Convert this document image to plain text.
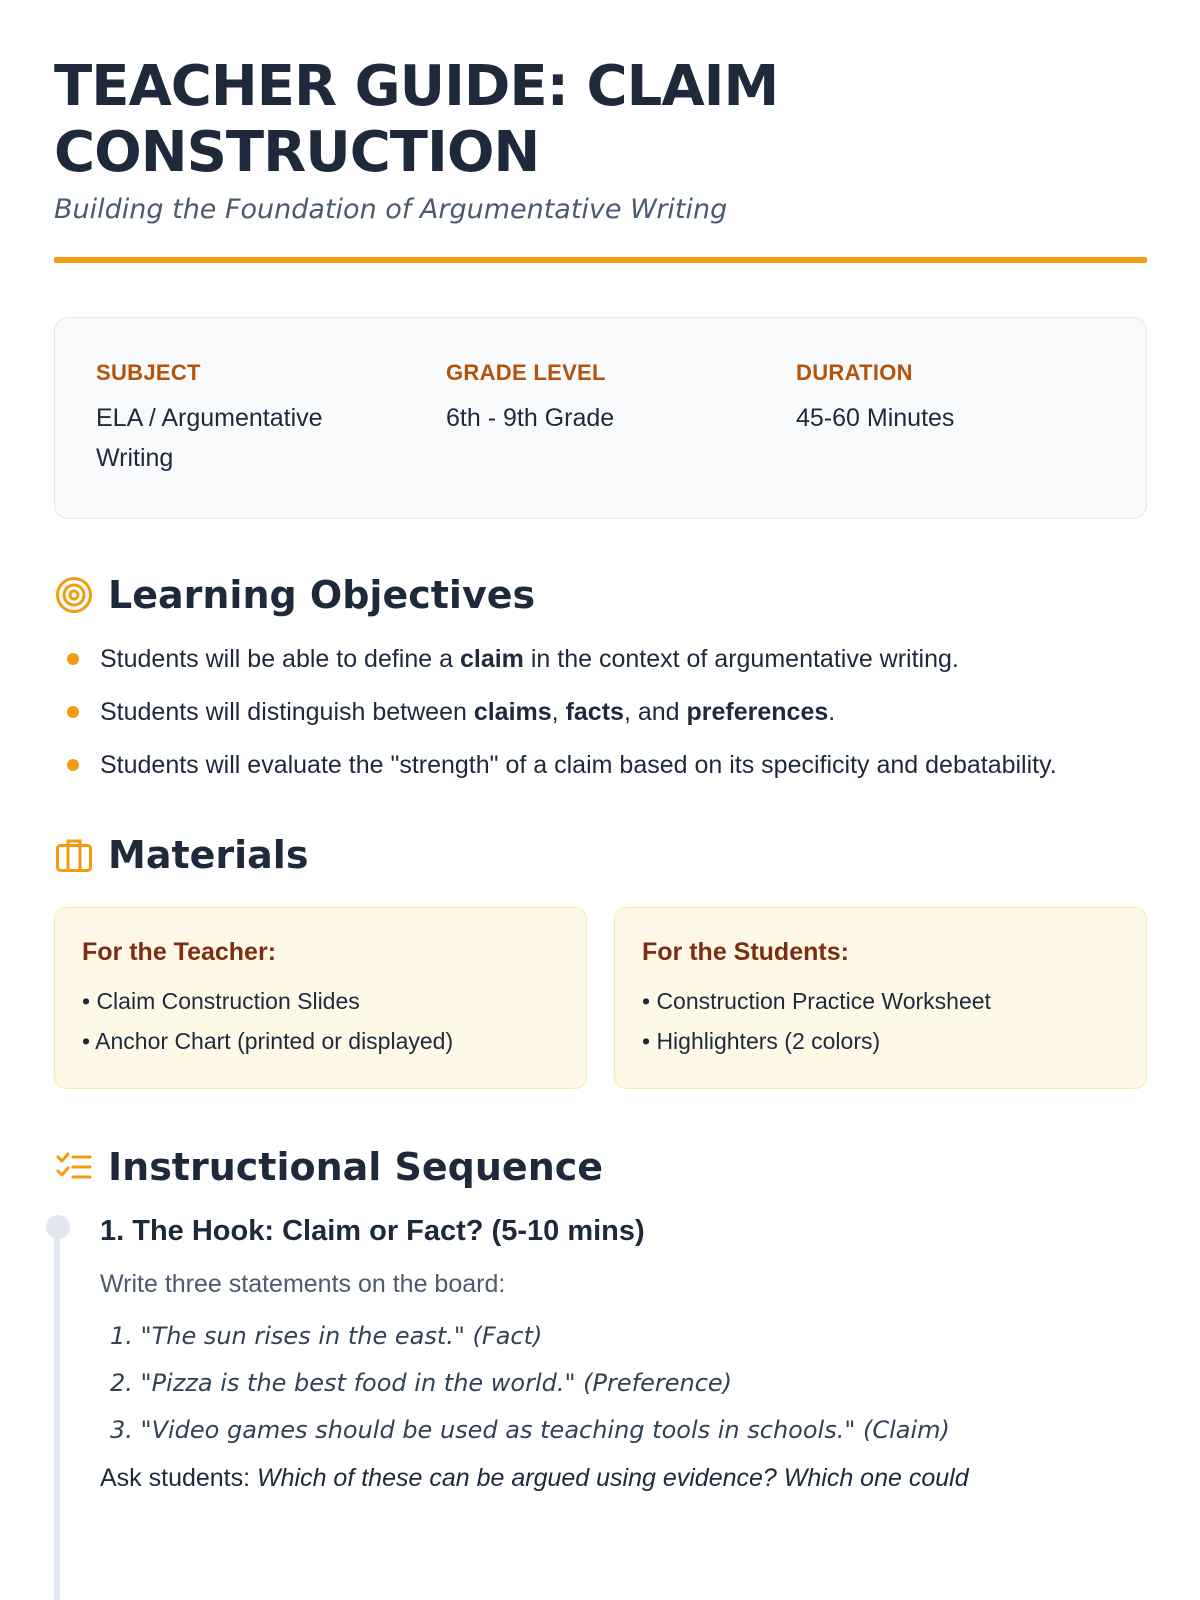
TEACHER GUIDE: CLAIM CONSTRUCTION
Building the Foundation of Argumentative Writing
SUBJECT
ELA / Argumentative Writing
GRADE LEVEL
6th - 9th Grade
DURATION
45-60 Minutes
Learning Objectives
Students will be able to define a claim in the context of argumentative writing.
Students will distinguish between claims, facts, and preferences.
Students will evaluate the "strength" of a claim based on its specificity and debatability.
Materials
For the Teacher:
• Claim Construction Slides
• Anchor Chart (printed or displayed)
For the Students:
• Construction Practice Worksheet
• Highlighters (2 colors)
Instructional Sequence
1. The Hook: Claim or Fact? (5-10 mins)
Write three statements on the board:
1. "The sun rises in the east." (Fact)
2. "Pizza is the best food in the world." (Preference)
3. "Video games should be used as teaching tools in schools." (Claim)
Ask students: Which of these can be argued using evidence? Which one could
